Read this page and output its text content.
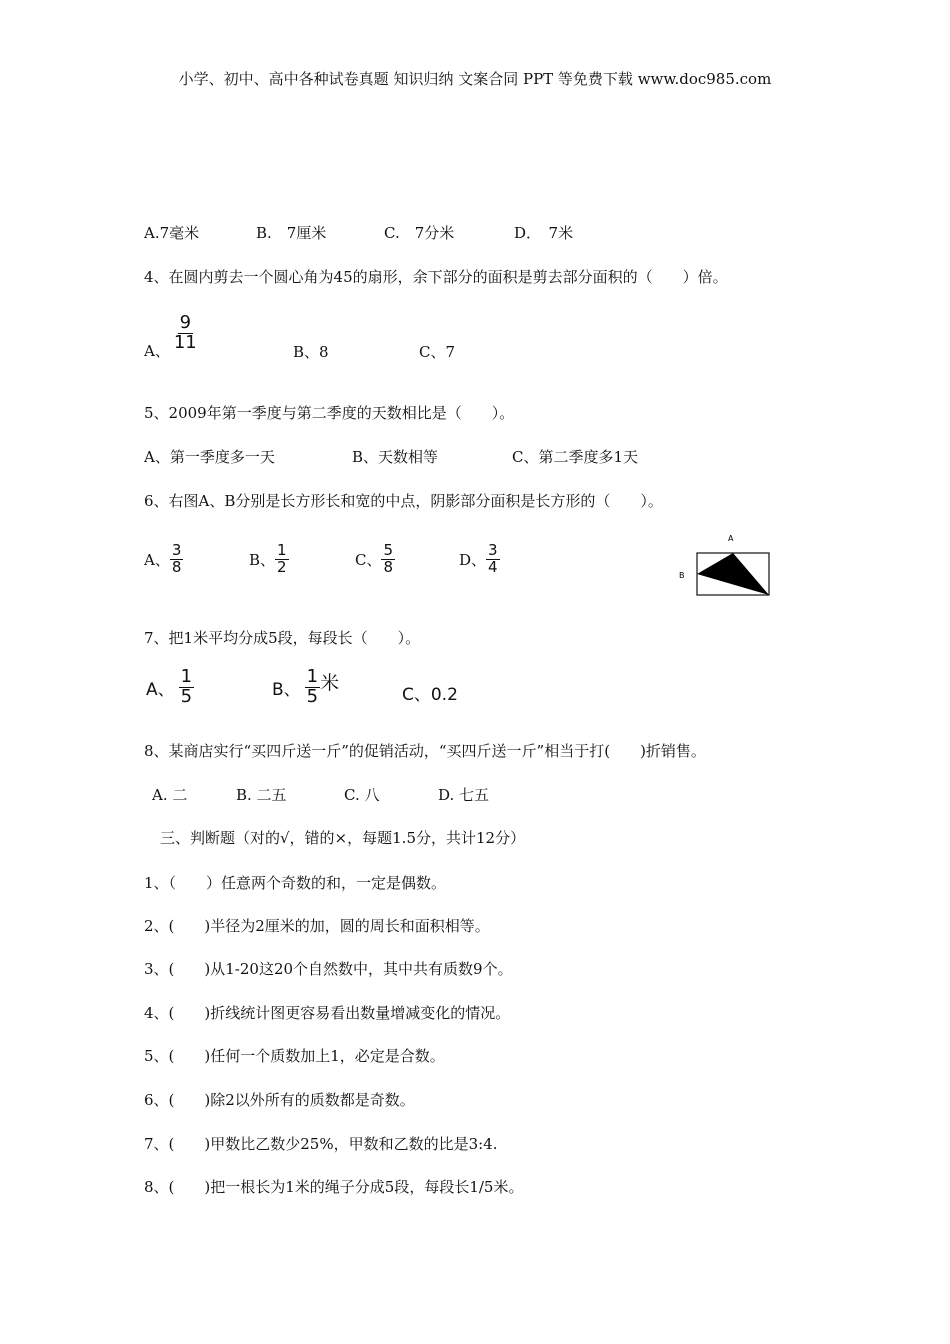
小学、初中、高中各种试卷真题 知识归纳 文案合同 PPT 等免费下载 www.doc985.com
A.7毫米	B.　7厘米	C.　7分米	D．　7米
4、在圆内剪去一个圆心角为45的扇形，余下部分的面积是剪去部分面积的（　　）倍。
A、 $\frac{9}{11}$	B、8	C、7
5、2009年第一季度与第二季度的天数相比是（　　）。
A、第一季度多一天	B、天数相等	C、第二季度多1天
6、右图A、B分别是长方形长和宽的中点，阴影部分面积是长方形的（　　）。
A、 $\frac{3}{8}$	B、 $\frac{1}{2}$	C、 $\frac{5}{8}$	D、 $\frac{3}{4}$
A
B
7、把1米平均分成5段，每段长（　　）。
A、 $\frac{1}{5}$	B、 $\frac{1}{5}$ 米
C、0.2
8、某商店实行“买四斤送一斤”的促销活动，“买四斤送一斤”相当于打(　　)折销售。
A. 二	B. 二五	C. 八	D. 七五
三、判断题（对的√，错的×，每题1.5分，共计12分）
1、（　　）任意两个奇数的和，一定是偶数。
2、(　　)半径为2厘米的加，圆的周长和面积相等。
3、(　　)从1-20这20个自然数中，其中共有质数9个。
4、(　　)折线统计图更容易看出数量增减变化的情况。
5、(　　)任何一个质数加上1，必定是合数。
6、(　　)除2以外所有的质数都是奇数。
7、(　　)甲数比乙数少25%，甲数和乙数的比是3:4.
8、(　　)把一根长为1米的绳子分成5段，每段长1/5米。
